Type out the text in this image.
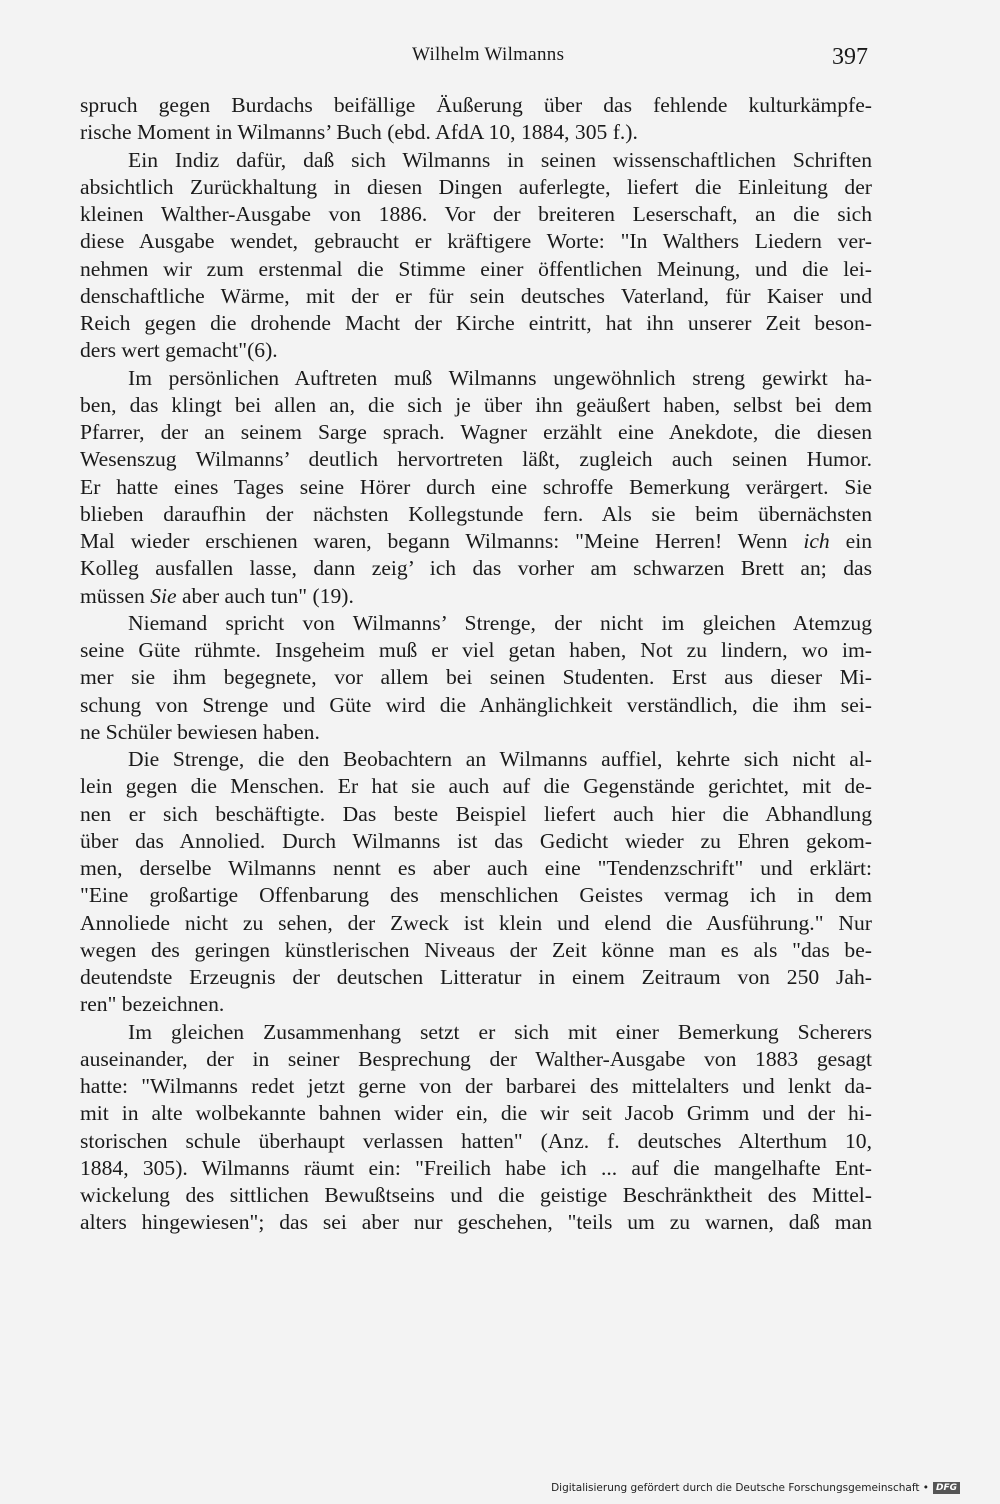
Wilhelm Wilmanns	397

spruch gegen Burdachs beifällige Äußerung über das fehlende kulturkämpfe-
rische Moment in Wilmanns’ Buch (ebd. AfdA 10, 1884, 305 f.).

Ein Indiz dafür, daß sich Wilmanns in seinen wissenschaftlichen Schriften
absichtlich Zurückhaltung in diesen Dingen auferlegte, liefert die Einleitung der
kleinen Walther-Ausgabe von 1886. Vor der breiteren Leserschaft, an die sich
diese Ausgabe wendet, gebraucht er kräftigere Worte: "In Walthers Liedern ver-
nehmen wir zum erstenmal die Stimme einer öffentlichen Meinung, und die lei-
denschaftliche Wärme, mit der er für sein deutsches Vaterland, für Kaiser und
Reich gegen die drohende Macht der Kirche eintritt, hat ihn unserer Zeit beson-
ders wert gemacht"(6).

Im persönlichen Auftreten muß Wilmanns ungewöhnlich streng gewirkt ha-
ben, das klingt bei allen an, die sich je über ihn geäußert haben, selbst bei dem
Pfarrer, der an seinem Sarge sprach. Wagner erzählt eine Anekdote, die diesen
Wesenszug Wilmanns’ deutlich hervortreten läßt, zugleich auch seinen Humor.
Er hatte eines Tages seine Hörer durch eine schroffe Bemerkung verärgert. Sie
blieben daraufhin der nächsten Kollegstunde fern. Als sie beim übernächsten
Mal wieder erschienen waren, begann Wilmanns: "Meine Herren! Wenn ich ein
Kolleg ausfallen lasse, dann zeig’ ich das vorher am schwarzen Brett an; das
müssen Sie aber auch tun" (19).

Niemand spricht von Wilmanns’ Strenge, der nicht im gleichen Atemzug
seine Güte rühmte. Insgeheim muß er viel getan haben, Not zu lindern, wo im-
mer sie ihm begegnete, vor allem bei seinen Studenten. Erst aus dieser Mi-
schung von Strenge und Güte wird die Anhänglichkeit verständlich, die ihm sei-
ne Schüler bewiesen haben.

Die Strenge, die den Beobachtern an Wilmanns auffiel, kehrte sich nicht al-
lein gegen die Menschen. Er hat sie auch auf die Gegenstände gerichtet, mit de-
nen er sich beschäftigte. Das beste Beispiel liefert auch hier die Abhandlung
über das Annolied. Durch Wilmanns ist das Gedicht wieder zu Ehren gekom-
men, derselbe Wilmanns nennt es aber auch eine "Tendenzschrift" und erklärt:
"Eine großartige Offenbarung des menschlichen Geistes vermag ich in dem
Annoliede nicht zu sehen, der Zweck ist klein und elend die Ausführung." Nur
wegen des geringen künstlerischen Niveaus der Zeit könne man es als "das be-
deutendste Erzeugnis der deutschen Litteratur in einem Zeitraum von 250 Jah-
ren" bezeichnen.

Im gleichen Zusammenhang setzt er sich mit einer Bemerkung Scherers
auseinander, der in seiner Besprechung der Walther-Ausgabe von 1883 gesagt
hatte: "Wilmanns redet jetzt gerne von der barbarei des mittelalters und lenkt da-
mit in alte wolbekannte bahnen wider ein, die wir seit Jacob Grimm und der hi-
storischen schule überhaupt verlassen hatten" (Anz. f. deutsches Alterthum 10,
1884, 305). Wilmanns räumt ein: "Freilich habe ich ... auf die mangelhafte Ent-
wickelung des sittlichen Bewußtseins und die geistige Beschränktheit des Mittel-
alters hingewiesen"; das sei aber nur geschehen, "teils um zu warnen, daß man

Digitalisierung gefördert durch die Deutsche Forschungsgemeinschaft • DFG
